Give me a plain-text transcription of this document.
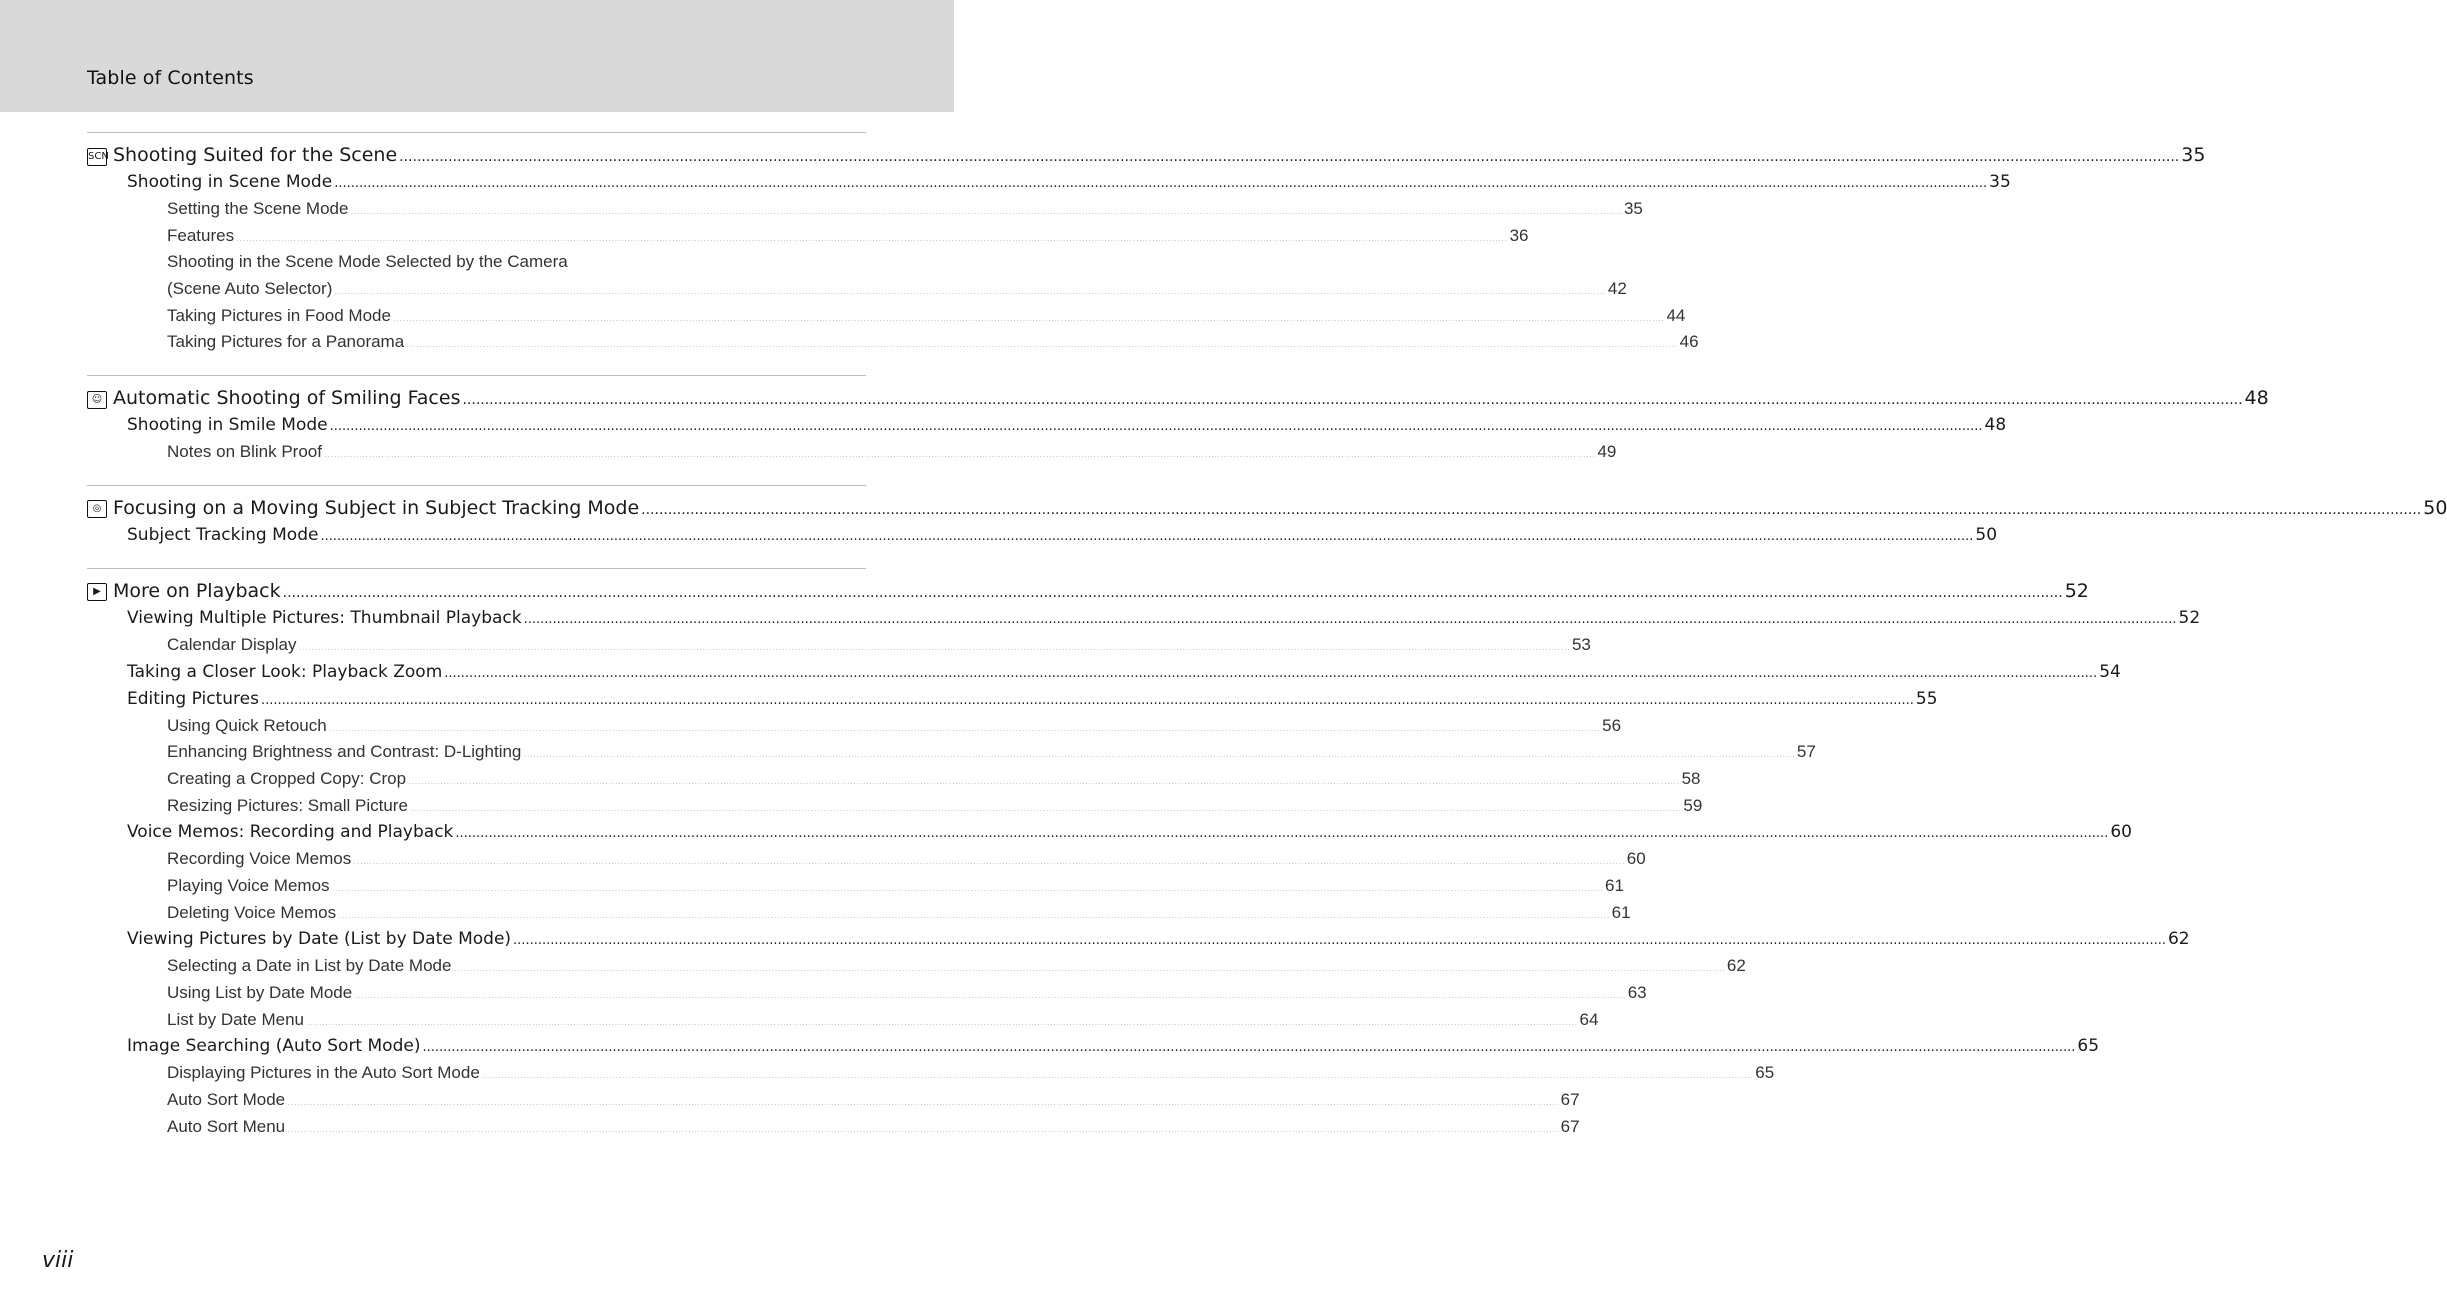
Table of Contents
SCN Shooting Suited for the Scene ................................................................................................................................................................................................................................................................................................................................................................................................................ 35
Shooting in Scene Mode ................................................................................................................................................................................................................................................................................................................................................................................................................ 35
Setting the Scene Mode ................................................................................................................................................................................................................................................................................................................................................................................................................ 35
Features ................................................................................................................................................................................................................................................................................................................................................................................................................ 36
Shooting in the Scene Mode Selected by the Camera
(Scene Auto Selector) ................................................................................................................................................................................................................................................................................................................................................................................................................ 42
Taking Pictures in Food Mode ................................................................................................................................................................................................................................................................................................................................................................................................................ 44
Taking Pictures for a Panorama ................................................................................................................................................................................................................................................................................................................................................................................................................ 46
☺ Automatic Shooting of Smiling Faces ................................................................................................................................................................................................................................................................................................................................................................................................................ 48
Shooting in Smile Mode ................................................................................................................................................................................................................................................................................................................................................................................................................ 48
Notes on Blink Proof ................................................................................................................................................................................................................................................................................................................................................................................................................ 49
◎ Focusing on a Moving Subject in Subject Tracking Mode ................................................................................................................................................................................................................................................................................................................................................................................................................ 50
Subject Tracking Mode ................................................................................................................................................................................................................................................................................................................................................................................................................ 50
▶ More on Playback ................................................................................................................................................................................................................................................................................................................................................................................................................ 52
Viewing Multiple Pictures: Thumbnail Playback ................................................................................................................................................................................................................................................................................................................................................................................................................ 52
Calendar Display ................................................................................................................................................................................................................................................................................................................................................................................................................ 53
Taking a Closer Look: Playback Zoom ................................................................................................................................................................................................................................................................................................................................................................................................................ 54
Editing Pictures ................................................................................................................................................................................................................................................................................................................................................................................................................ 55
Using Quick Retouch ................................................................................................................................................................................................................................................................................................................................................................................................................ 56
Enhancing Brightness and Contrast: D-Lighting ................................................................................................................................................................................................................................................................................................................................................................................................................ 57
Creating a Cropped Copy: Crop ................................................................................................................................................................................................................................................................................................................................................................................................................ 58
Resizing Pictures: Small Picture ................................................................................................................................................................................................................................................................................................................................................................................................................ 59
Voice Memos: Recording and Playback ................................................................................................................................................................................................................................................................................................................................................................................................................ 60
Recording Voice Memos ................................................................................................................................................................................................................................................................................................................................................................................................................ 60
Playing Voice Memos ................................................................................................................................................................................................................................................................................................................................................................................................................ 61
Deleting Voice Memos ................................................................................................................................................................................................................................................................................................................................................................................................................ 61
Viewing Pictures by Date (List by Date Mode) ................................................................................................................................................................................................................................................................................................................................................................................................................ 62
Selecting a Date in List by Date Mode ................................................................................................................................................................................................................................................................................................................................................................................................................ 62
Using List by Date Mode ................................................................................................................................................................................................................................................................................................................................................................................................................ 63
List by Date Menu ................................................................................................................................................................................................................................................................................................................................................................................................................ 64
Image Searching (Auto Sort Mode) ................................................................................................................................................................................................................................................................................................................................................................................................................ 65
Displaying Pictures in the Auto Sort Mode ................................................................................................................................................................................................................................................................................................................................................................................................................ 65
Auto Sort Mode ................................................................................................................................................................................................................................................................................................................................................................................................................ 67
Auto Sort Menu ................................................................................................................................................................................................................................................................................................................................................................................................................ 67
viii
